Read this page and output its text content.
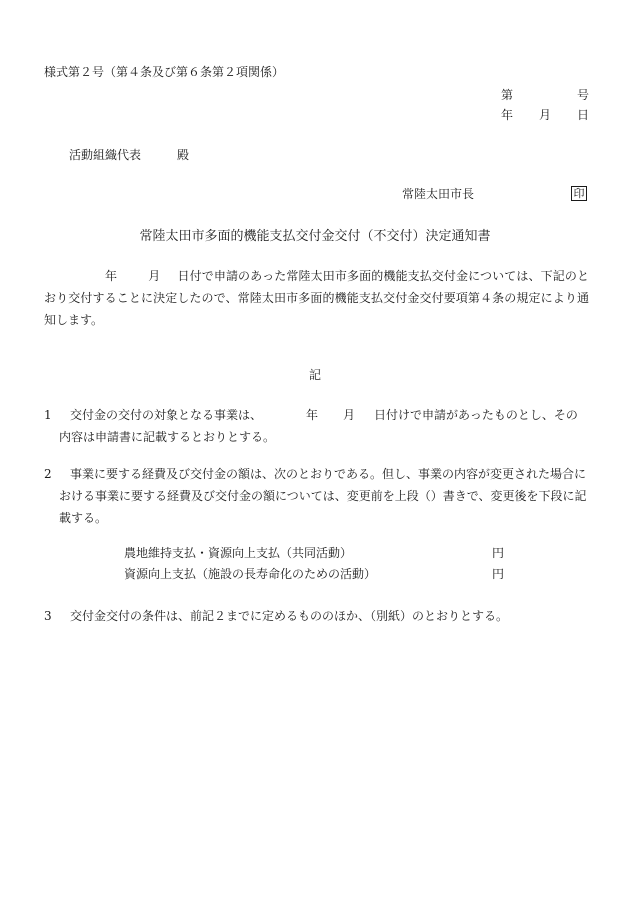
様式第２号（第４条及び第６条第２項関係）
第	号
年 月 日
活動組織代表	殿
常陸太田市長	印
常陸太田市多面的機能支払交付金交付（不交付）決定通知書
年	月 日付で申請のあった常陸太田市多面的機能支払交付金については、下記のとおり交付することに決定したので、常陸太田市多面的機能支払交付金交付要項第４条の規定により通知します。
記
1	交付金の交付の対象となる事業は、	年 月 日付けで申請があったものとし、その内容は申請書に記載するとおりとする。
2	事業に要する経費及び交付金の額は、次のとおりである。但し、事業の内容が変更された場合における事業に要する経費及び交付金の額については、変更前を上段（）書きで、変更後を下段に記載する。
農地維持支払・資源向上支払（共同活動）	円
資源向上支払（施設の長寿命化のための活動）	円
3	交付金交付の条件は、前記２までに定めるもののほか、（別紙）のとおりとする。
